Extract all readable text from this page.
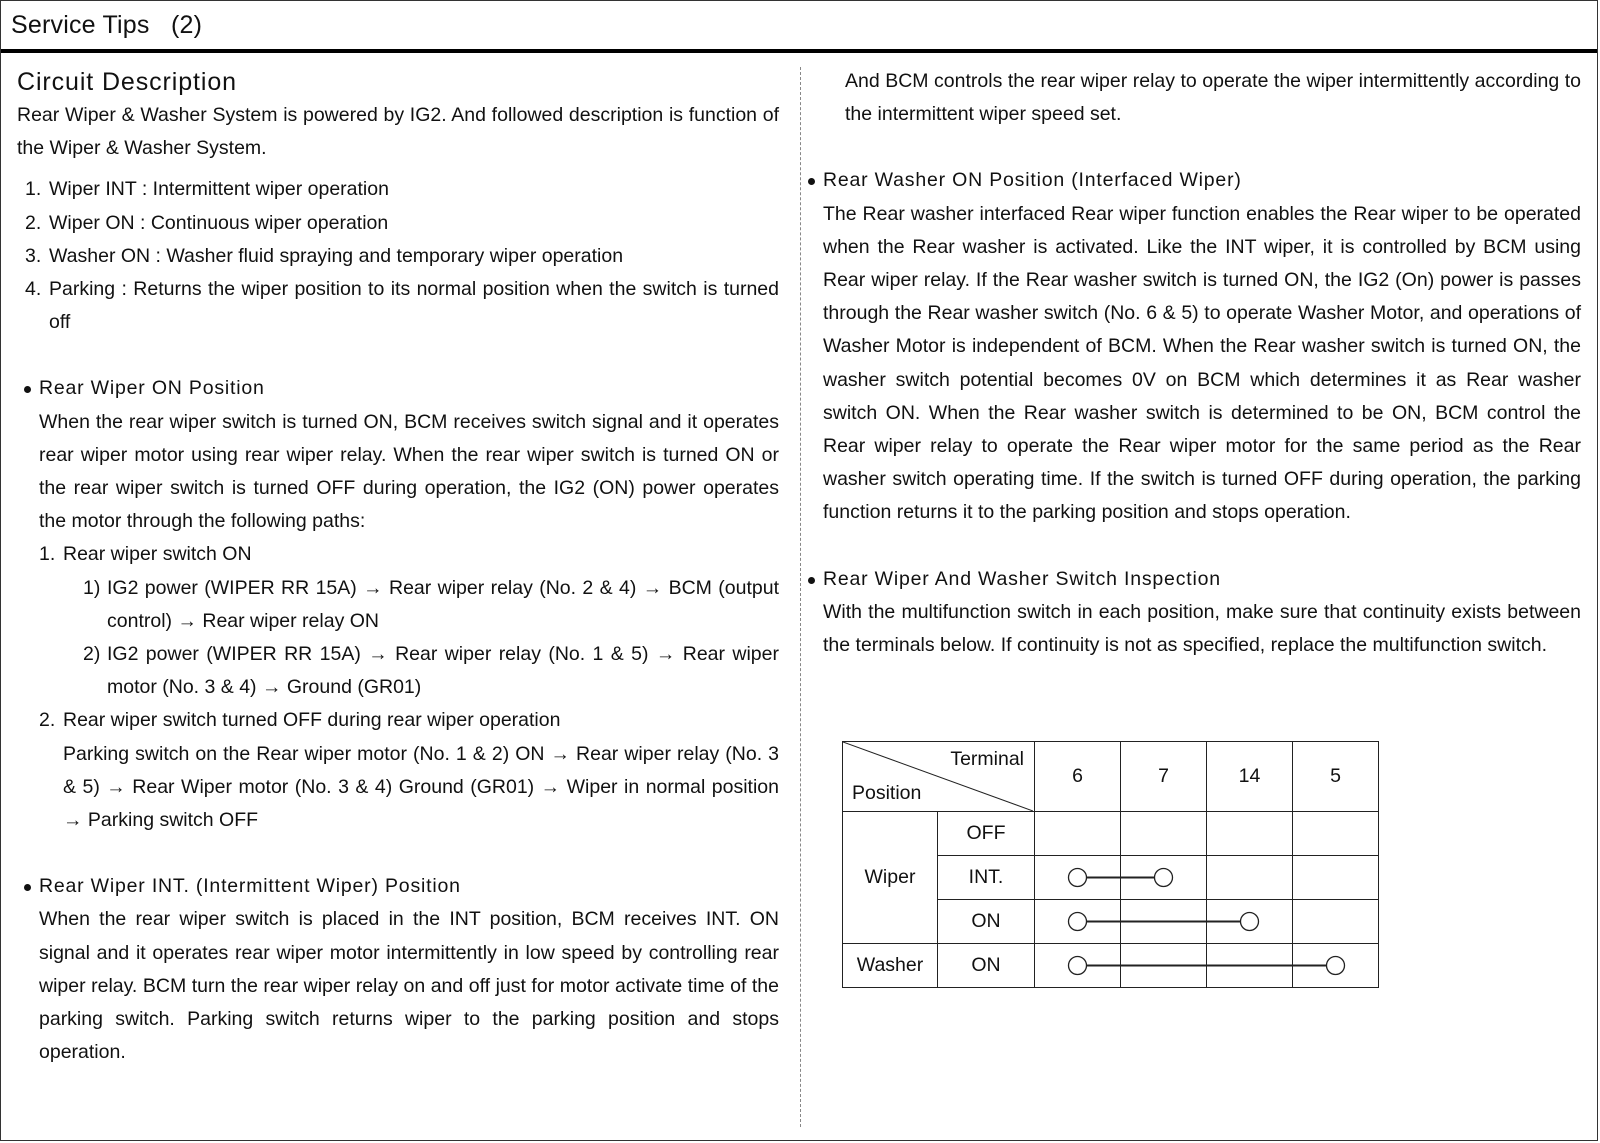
Service Tips   (2)
Circuit Description
Rear Wiper & Washer System is powered by IG2. And followed description is function of the Wiper & Washer System.
1. Wiper INT : Intermittent wiper operation
2. Wiper ON : Continuous wiper operation
3. Washer ON : Washer fluid spraying and temporary wiper operation
4. Parking : Returns the wiper position to its normal position when the switch is turned off
Rear Wiper ON Position
When the rear wiper switch is turned ON, BCM receives switch signal and it operates rear wiper motor using rear wiper relay. When the rear wiper switch is turned ON or the rear wiper switch is turned OFF during operation, the IG2 (ON) power operates the motor through the following paths:
1. Rear wiper switch ON
1) IG2 power (WIPER RR 15A) → Rear wiper relay (No. 2 & 4) → BCM (output control) → Rear wiper relay ON
2) IG2 power (WIPER RR 15A) → Rear wiper relay (No. 1 & 5) → Rear wiper motor (No. 3 & 4) → Ground (GR01)
2. Rear wiper switch turned OFF during rear wiper operation
Parking switch on the Rear wiper motor (No. 1 & 2) ON → Rear wiper relay (No. 3 & 5) → Rear Wiper motor (No. 3 & 4) Ground (GR01) → Wiper in normal position → Parking switch OFF
Rear Wiper INT. (Intermittent Wiper) Position
When the rear wiper switch is placed in the INT position, BCM receives INT. ON signal and it operates rear wiper motor intermittently in low speed by controlling rear wiper relay. BCM turn the rear wiper relay on and off just for motor activate time of the parking switch. Parking switch returns wiper to the parking position and stops operation.
And BCM controls the rear wiper relay to operate the wiper intermittently according to the intermittent wiper speed set.
Rear Washer ON Position (Interfaced Wiper)
The Rear washer interfaced Rear wiper function enables the Rear wiper to be operated when the Rear washer is activated. Like the INT wiper, it is controlled by BCM using Rear wiper relay. If the Rear washer switch is turned ON, the IG2 (On) power is passes through the Rear washer switch (No. 6 & 5) to operate Washer Motor, and operations of Washer Motor is independent of BCM. When the Rear washer switch is turned ON, the washer switch potential becomes 0V on BCM which determines it as Rear washer switch ON. When the Rear washer switch is determined to be ON, BCM control the Rear wiper relay to operate the Rear wiper motor for the same period as the Rear washer switch operating time. If the switch is turned OFF during operation, the parking function returns it to the parking position and stops operation.
Rear Wiper And Washer Switch Inspection
With the multifunction switch in each position, make sure that continuity exists between the terminals below. If continuity is not as specified, replace the multifunction switch.
Terminal
Position		6	7	14	5
Wiper	OFF				
	INT.				
	ON				
Washer	ON				
